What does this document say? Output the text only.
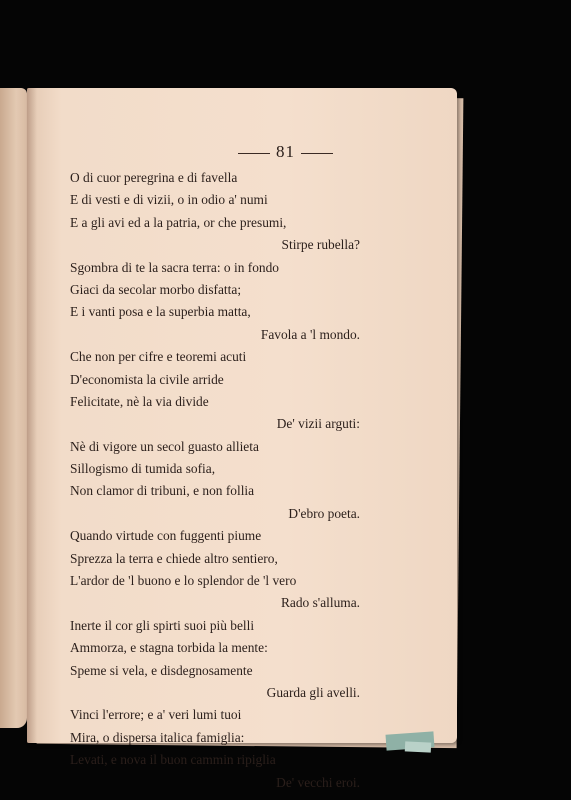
81
O di cuor peregrina e di favella
E di vesti e di vizii, o in odio a' numi
E a gli avi ed a la patria, or che presumi,
Stirpe rubella?
Sgombra di te la sacra terra: o in fondo
Giaci da secolar morbo disfatta;
E i vanti posa e la superbia matta,
Favola a 'l mondo.
Che non per cifre e teoremi acuti
D'economista la civile arride
Felicitate, nè la via divide
De' vizii arguti:
Nè di vigore un secol guasto allieta
Sillogismo di tumida sofia,
Non clamor di tribuni, e non follia
D'ebro poeta.
Quando virtude con fuggenti piume
Sprezza la terra e chiede altro sentiero,
L'ardor de 'l buono e lo splendor de 'l vero
Rado s'alluma.
Inerte il cor gli spirti suoi più belli
Ammorza, e stagna torbida la mente:
Speme si vela, e disdegnosamente
Guarda gli avelli.
Vinci l'errore; e a' veri lumi tuoi
Mira, o dispersa italica famiglia:
Levati, e nova il buon cammin ripiglia
De' vecchi eroi.
